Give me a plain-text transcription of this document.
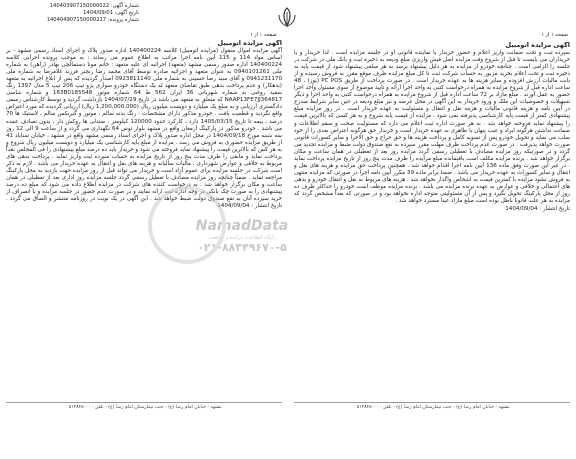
شماره آگهی: 140403907150000022
تاریخ آگهی: 1404/09/01
شماره پرونده: 140404907150000217
صفحه ۱ از ۱
صفحه ۱ از ۱
آگهی مزایده اتومبیل

سپرده ثبت و تحت ضمانت واریز اعلام و حضور خریدار یا نماینده قانونی او در جلسه مزایده است . لذا خریدار و یا خریداران می بایست تا قبل از شروع وقت مزایده اصل فیش واریزی مبلغ ودیعه به ذخیره ثبت و بانک ملی در شرکت در جلسه را الزامی است . چنانچه خودرو از مزایده به هر دلیل پیشنهاد برسد به هر مبلغی پیشنهاد شود از قیمت پایه به ذخیره ثبت و تحت اعلام بخرید مزبور به حساب شرکت ثبت تا کل مبلغ مزایده ظرف موقع مقرر به فروش رسیده و از بابت مالیات ارزش افزوده و سایر هزینه ها به عهده خریدار است . در صورت پرداخت از طریق PC POS (پوز) ، 48 ساعت اداره قبل از شروع مزایده به همراه درخواست کتبی به واحد اجرا ارائه و تایید موضوع از سوی مسئول واحد اجرا حضور به عمل آورند . مبلغ مازاد بر 72 ساعت اداره قبل از شروع مزایده به همراه درخواست کتبی به واحد اجرا و دیگر تسهیلات و خصوصیات این ملک و ورود خریدار به این آگهی در محل عرضه و نیز مبلغ ودیعه در حین سایر شرایط مندرج در آیین نامه و هزینه قانونی مالیات و هزینه نقل و انتقال و مسئولیت به عهده خریدار است . در روز مزایده مبلغ پیشنهادی کمتر از قیمت پایه کارشناسی پذیرفته نمی شود . مزایده از قیمت پایه شروع و به هر کسی که بالاترین قیمت را پیشنهاد نماید فروخته خواهد شد . به هر صورت اداره ثبت اعلام می دارد که مسئولیت صحت و سقم اطلاعات و ضمانت نداشتن هرگونه ایراد و عیب پنهان یا ظاهری به عهده خریدار است و خریدار حق هرگونه اعتراض بعدی را از خود سلب می نماید و تحویل خودرو پس از تسویه کامل و پرداخت هزینه ها و حق حراج و حق الاجرا و سایر کسورات قانونی صورت خواهد پذیرفت . در صورت عدم پرداخت ظرف مهلت مقرر سپرده به نفع صندوق دولت ضبط و مزایده تجدید می گردد و در صورتیکه روز مزایده مصادف با تعطیلی رسمی گردد مزایده روز بعد از تعطیلی در همان ساعت و مکان برگزار خواهد شد . برنده مزایده مکلف است باقیمانده مبلغ مزایده را ظرف مدت پنج روز از تاریخ مزایده پرداخت نماید . در غیر این صورت وفق ماده 136 آیین نامه اجرا اقدام خواهد شد . همچنین پرداخت حق مزایده و هزینه های نقل و انتقال و سایر کسورات به عهده خریدار می باشد . ضمنا برابر ماده 39 مکرر آیین نامه اجرا در صورتی که مزایده منتهی به فروش نشود مزایده با کمترین قیمت به اشخاص واگذار نخواهد شد . هزینه های مربوط به نقل و انتقال خودرو و بدهی های احتمالی و خلافی و عوارض به عهده برنده مزایده می باشد . برنده مزایده موظف است خودرو را حداکثر ظرف ده روز از محل پارکینگ تحویل بگیرد و پس از آن مسئولیتی متوجه اداره نخواهد بود و در صورتی که بعداً مشخص گردد که مزایده به هر علت قانونا باطل بوده است مبلغ مازاد عینا مسترد خواهد شد .

تاریخ انتشار : 1404/09/04

آگهی مزایده اتومبیل

آگهی مزایده اموال منقول (مزایده اتومبیل) کلاسه 140400224 اداره صدور پلاک و اجرای اسناد رسمی مشهد - بر اساس مواد 114 و 115 آیین نامه اجرا مراتب به اطلاع عموم می رساند : به موجب پرونده اجرایی کلاسه 140400224 اداره صدور رسمی مشهد (متعهد) اجرائیه ای علیه متعهد : خانم مونا دستمالچی بهادر (راهن) به شماره ملی 0940101261 به عنوان متعهد و اجرائیه صادره توسط آقای محمد رضا رنجبر فرزند غلامرضا به شماره ملی 0941231170 و آقای سید رضا حسینی به شماره ملی 0923811140 اصدار گردیده که پس از ابلاغ اجرائیه به متعهد (بدهکار) و عدم پرداخت بدهی طبق تقاضای متعهد له یک دستگاه خودرو سواری پژو تیپ 206 تیپ 5 مدل 1397 رنگ سفید روغنی به شماره شهربانی 36 ایران 562 ط 64 شماره موتور 163B0185548 و شماره شاسی NAAP13FE7JJ364817 که متعلق به متعهد می باشد در تاریخ 1404/07/29 بازداشت گردید و توسط کارشناس رسمی دادگستری ارزیابی و به مبلغ یک میلیارد و دویست میلیون ریال (1,200,000,000 ریال) ارزیابی گردیده که مورد اعتراض واقع نگردید و قطعیت یافت . خودرو مذکور دارای مشخصات : رنگ بدنه سالم ، موتور و گیربکس سالم ، لاستیک ها 70 درصد ، بیمه تا تاریخ 1405/03/15 دارد ، کارکرد حدود 120000 کیلومتر ، صندلی ها روکش دار ، بدون تصادف عمده می باشد . خودرو مذکور در پارکینگ ارمغان واقع در مشهد بلوار توس 64 نگهداری می گردد و از ساعت 9 الی 12 روز سه شنبه مورخ 1404/09/18 در محل اداره صدور پلاک و اجرای اسناد رسمی مشهد واقع در مشهد ، خیابان سناباد 41 از طریق مزایده حضوری به فروش می رسد . مزایده از مبلغ پایه کارشناسی یک میلیارد و دویست میلیون ریال شروع و به هر کس که بالاترین قیمت را پیشنهاد نماید فروخته می شود و خریدار باید ده درصد مبلغ پیشنهادی را فی المجلس نقداً پرداخت نماید و مابقی را ظرف مدت پنج روز از تاریخ مزایده به حساب سپرده ثبت واریز نماید . پرداخت بدهی های مربوط به خلافی و عوارض شهرداری ، مالیات سالیانه و هزینه های نقل و انتقال به عهده خریدار می باشد . لازم به ذکر است شرکت در جلسه مزایده برای عموم آزاد است و خریدار می تواند قبل از روز مزایده جهت بازدید به محل پارکینگ مراجعه نماید . ضمناً چنانچه روز مزایده مصادف با تعطیل رسمی گردد جلسه مزایده روز اداری بعد از تعطیلی در همان ساعت و مکان برگزار خواهد شد . به درخواست کننده های شرکت در مزایده اطلاع داده می شود که مبلغ ده درصد پیشنهادی را به صورت چک بانکی در وجه اداره ثبت ارائه نمایند و در صورت عدم حضور در جلسه مزایده و یا انصراف از خرید سپرده آنان به نفع صندوق دولت ضبط خواهد شد . این آگهی در یک نوبت در روزنامه منتشر و الصاق می گردد . تاریخ انتشار : 1404/09/04

NamadData
پایگاه اطلاعات مزایده و مناقصه
۰۲۱-۸۸۳۴۹۶۷۰-۵
مشهد - خیابان امام رضا (ع) - جنب بیمارستان امام رضا (ع) - تلفن ۰۵۱۳۸۴۵۰۰۰۰
مشهد - خیابان امام رضا (ع) - جنب بیمارستان امام رضا (ع) - تلفن ۰۵۱۳۸۴۵۰۰۰۰
